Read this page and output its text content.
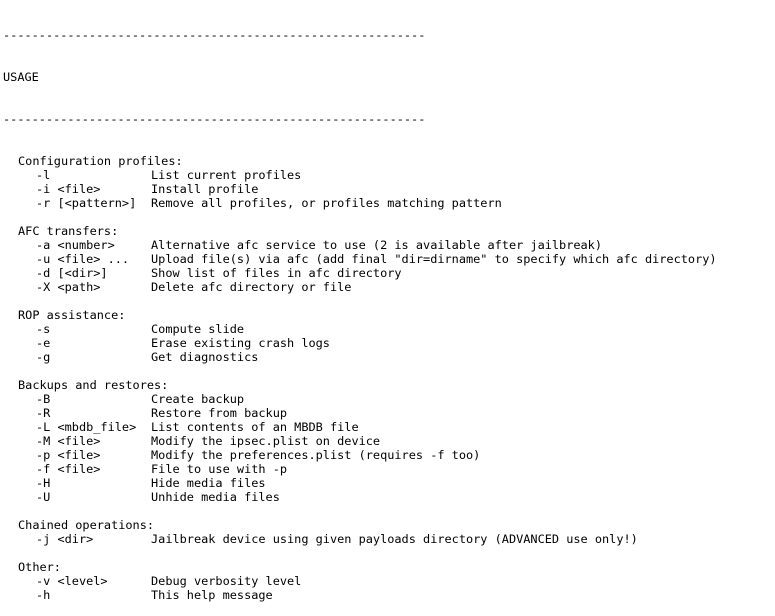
-----------------------------------------------------------

USAGE

-----------------------------------------------------------

Configuration profiles:
-l	List current profiles
-i <file>	Install profile
-r [<pattern>]	Remove all profiles, or profiles matching pattern
AFC transfers:
-a <number>	Alternative afc service to use (2 is available after jailbreak)
-u <file> ...	Upload file(s) via afc (add final "dir=dirname" to specify which afc directory)
-d [<dir>]	Show list of files in afc directory
-X <path>	Delete afc directory or file
ROP assistance:
-s	Compute slide
-e	Erase existing crash logs
-g	Get diagnostics
Backups and restores:
-B	Create backup
-R	Restore from backup
-L <mbdb_file>	List contents of an MBDB file
-M <file>	Modify the ipsec.plist on device
-p <file>	Modify the preferences.plist (requires -f too)
-f <file>	File to use with -p
-H	Hide media files
-U	Unhide media files
Chained operations:
-j <dir>	Jailbreak device using given payloads directory (ADVANCED use only!)
Other:
-v <level>	Debug verbosity level
-h	This help message
